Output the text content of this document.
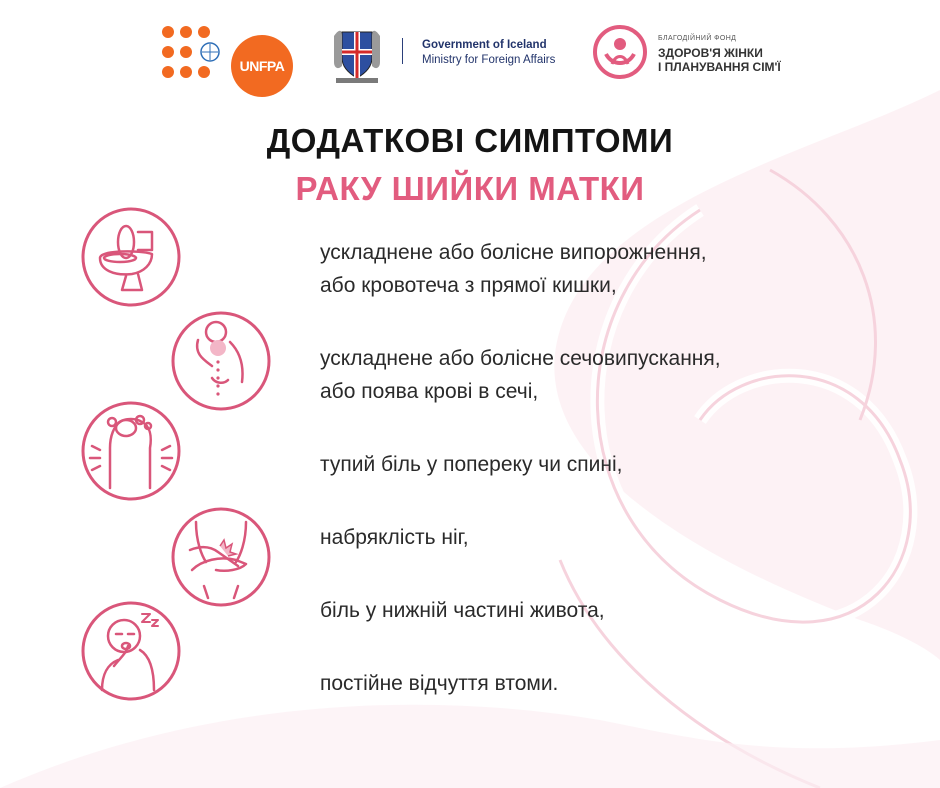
UNFPA
Government of Iceland
Ministry for Foreign Affairs
БЛАГОДІЙНИЙ ФОНД
ЗДОРОВ'Я ЖІНКИ
І ПЛАНУВАННЯ СІМ'Ї
ДОДАТКОВІ СИМПТОМИ
РАКУ ШИЙКИ МАТКИ
ускладнене або болісне випорожнення,
або кровотеча з прямої кишки,
ускладнене або болісне сечовипускання,
або поява крові в сечі,
тупий біль у попереку чи спині,
набряклість ніг,
біль у нижній частині живота,
постійне відчуття втоми.
